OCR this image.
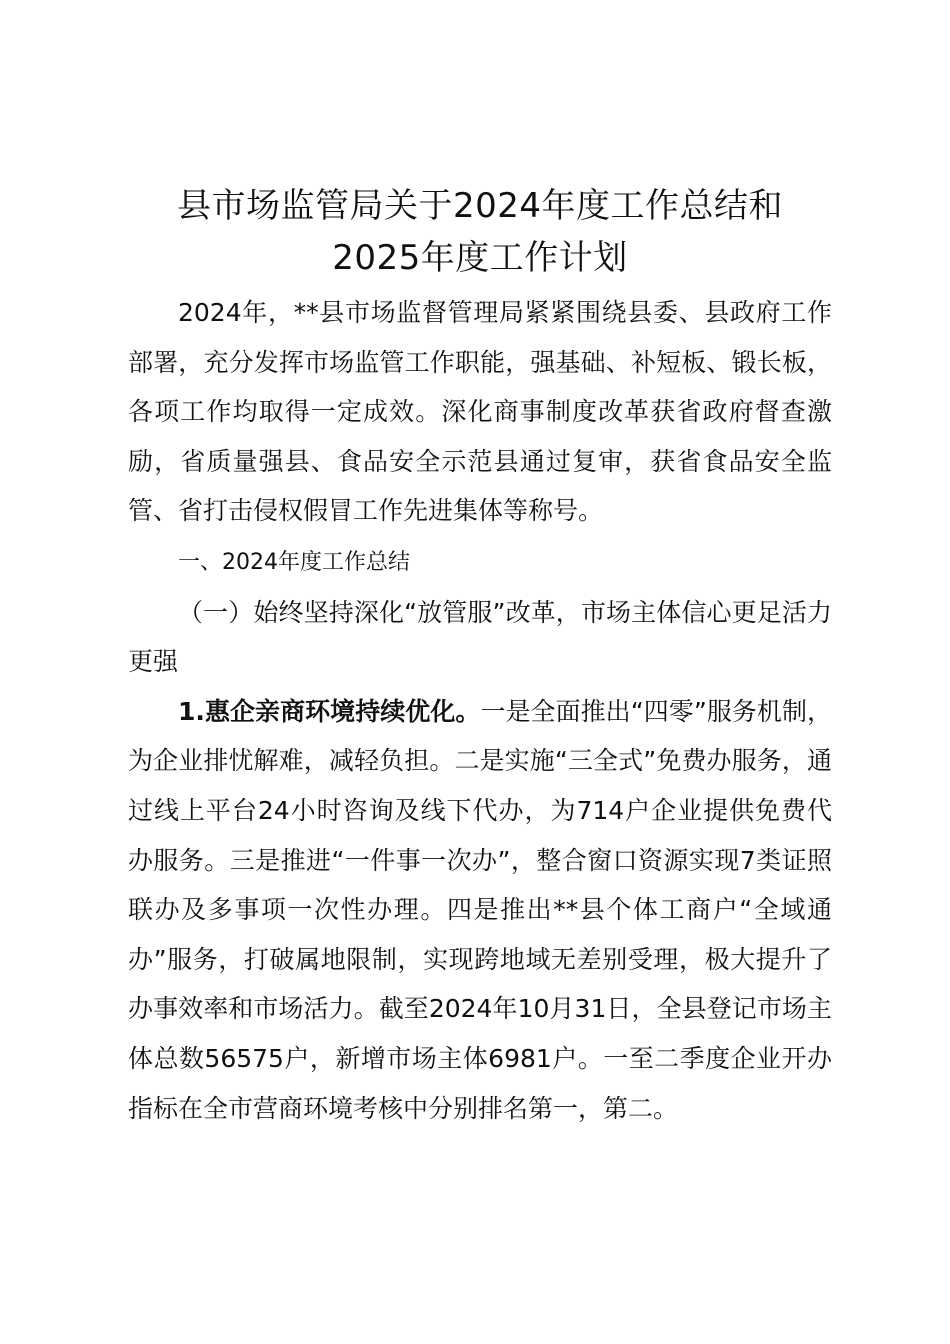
县市场监管局关于2024年度工作总结和
2025年度工作计划

2024年，**县市场监督管理局紧紧围绕县委、县政府工作部署，充分发挥市场监管工作职能，强基础、补短板、锻长板，各项工作均取得一定成效。深化商事制度改革获省政府督查激励，省质量强县、食品安全示范县通过复审，获省食品安全监管、省打击侵权假冒工作先进集体等称号。

一、2024年度工作总结

（一）始终坚持深化“放管服”改革，市场主体信心更足活力更强

1.惠企亲商环境持续优化。一是全面推出“四零”服务机制，为企业排忧解难，减轻负担。二是实施“三全式”免费办服务，通过线上平台24小时咨询及线下代办，为714户企业提供免费代办服务。三是推进“一件事一次办”，整合窗口资源实现7类证照联办及多事项一次性办理。四是推出**县个体工商户“全域通办”服务，打破属地限制，实现跨地域无差别受理，极大提升了办事效率和市场活力。截至2024年10月31日，全县登记市场主体总数56575户，新增市场主体6981户。一至二季度企业开办指标在全市营商环境考核中分别排名第一，第二。
